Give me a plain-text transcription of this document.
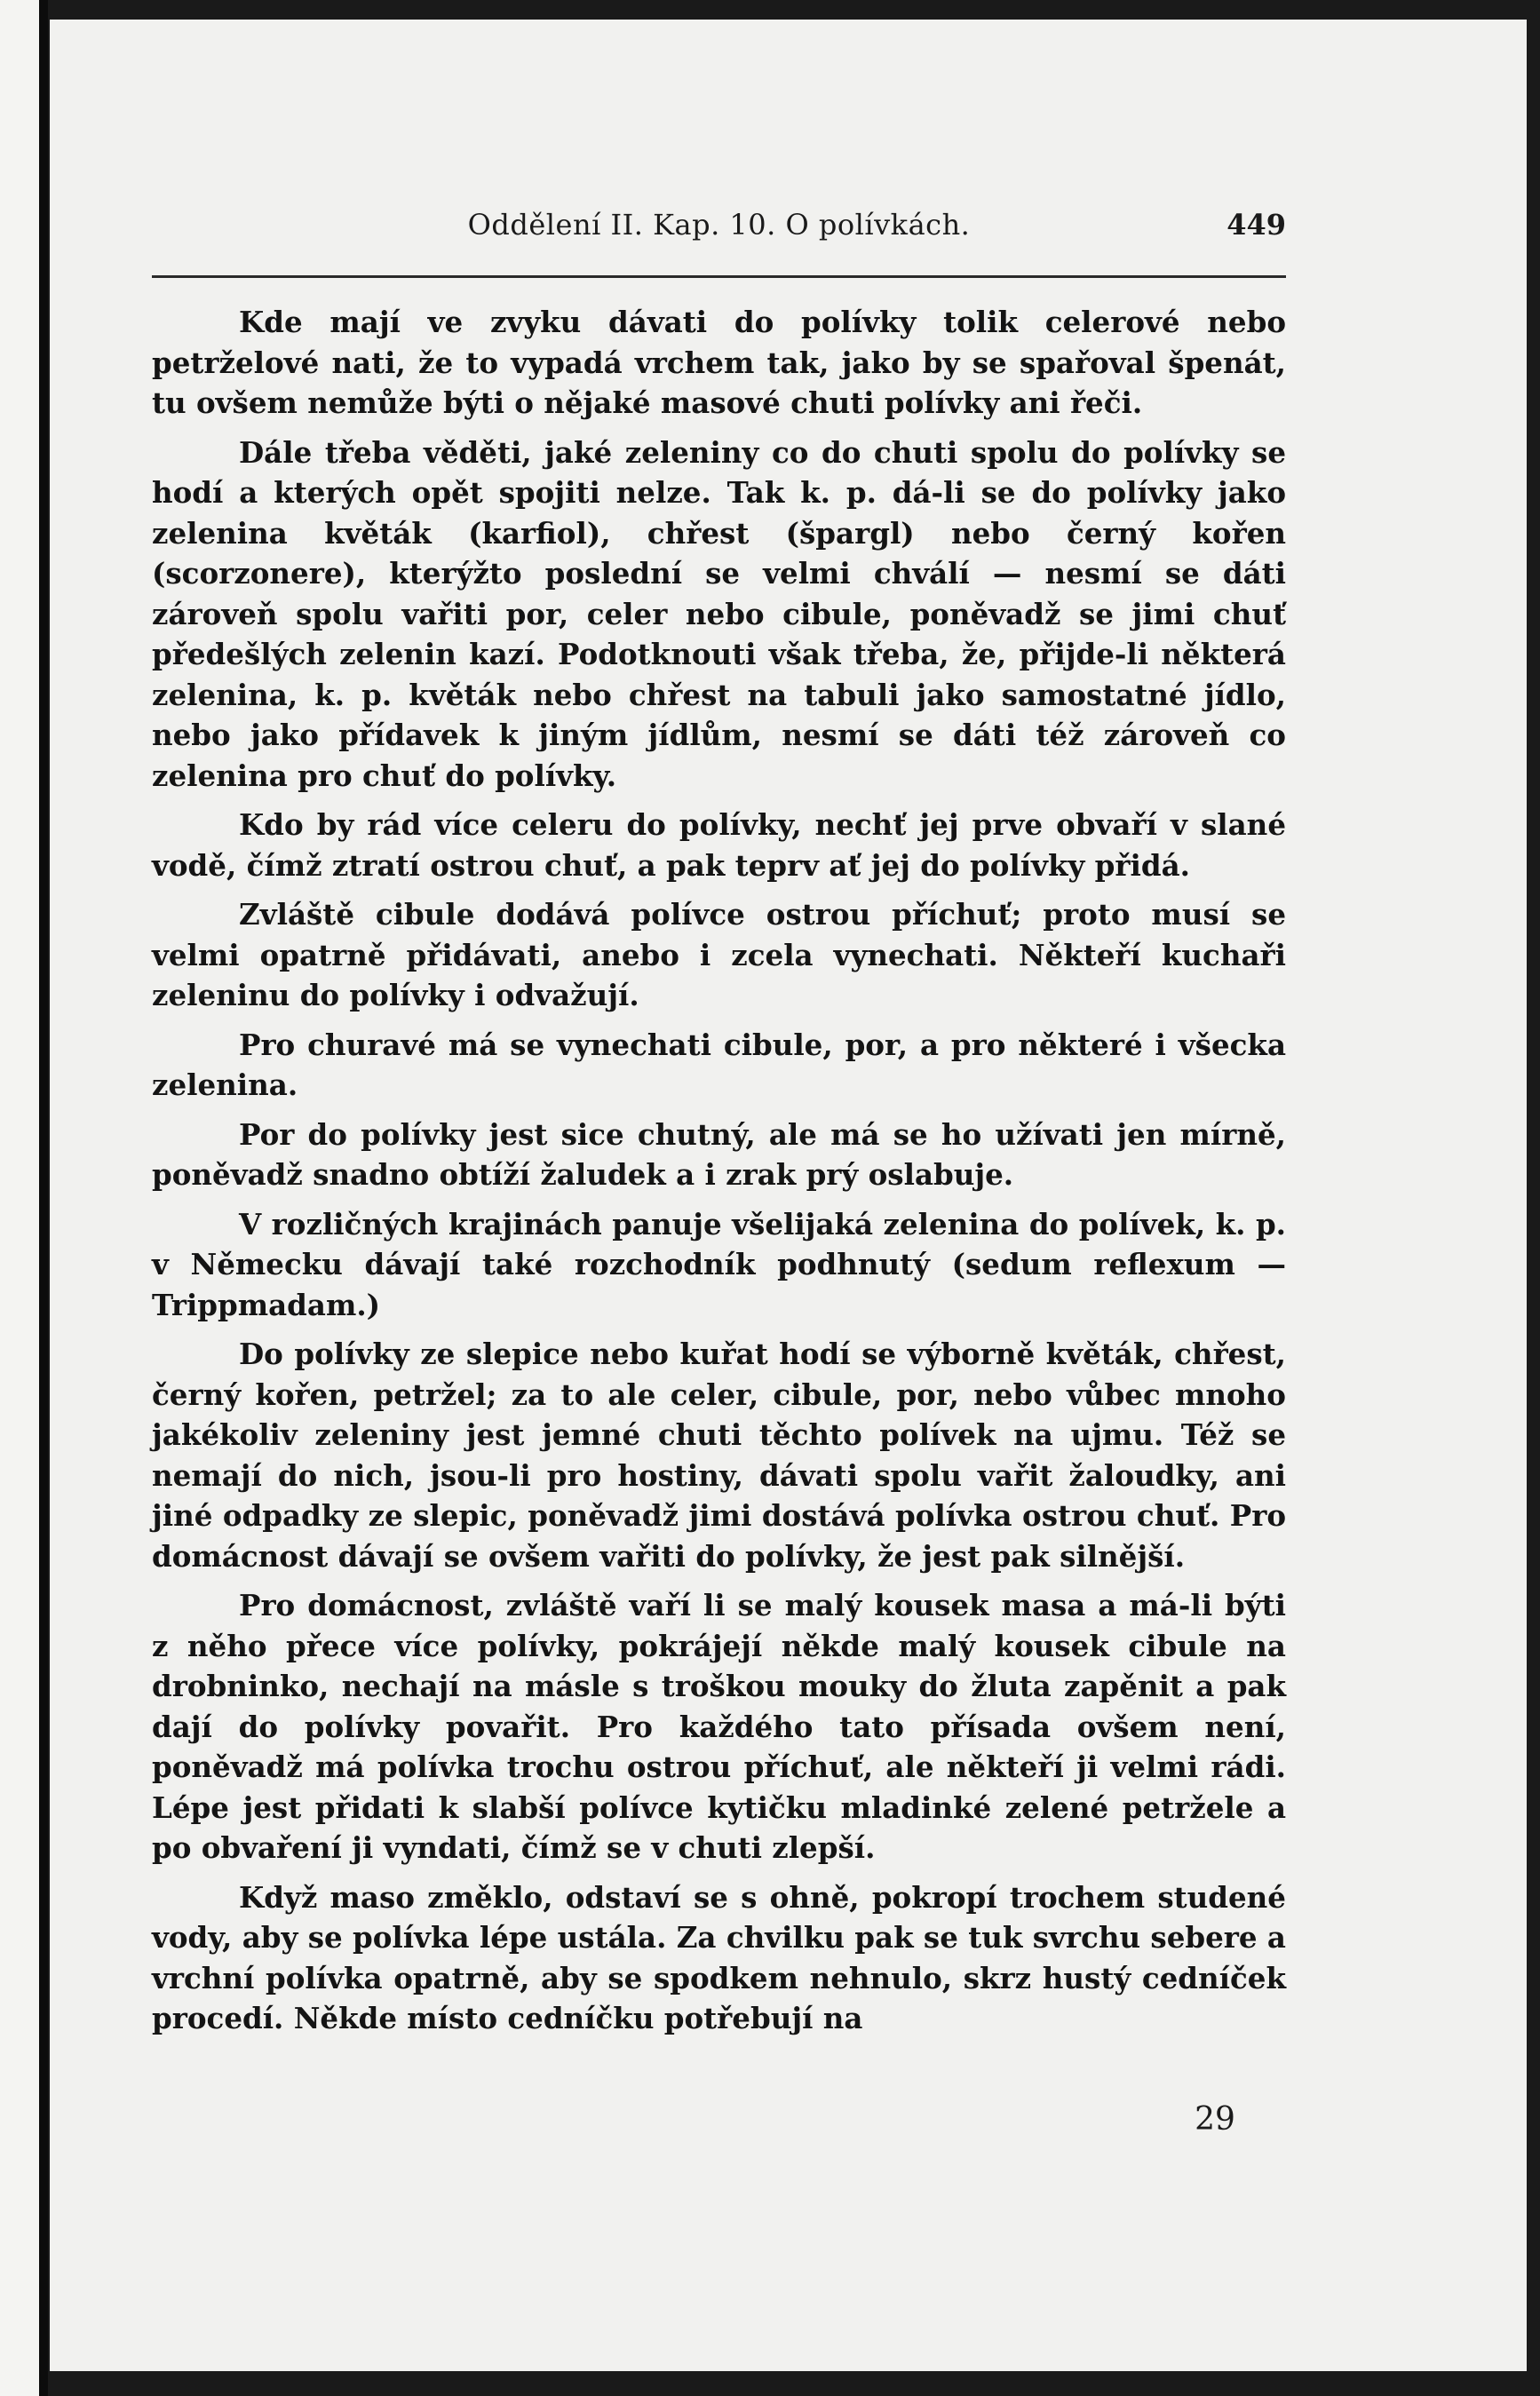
Oddělení II. Kap. 10. O polívkách.	449

Kde mají ve zvyku dávati do polívky tolik celerové nebo petrželové nati, že to vypadá vrchem tak, jako by se spařoval špenát, tu ovšem nemůže býti o nějaké masové chuti polívky ani řeči.

Dále třeba věděti, jaké zeleniny co do chuti spolu do polívky se hodí a kterých opět spojiti nelze. Tak k. p. dá-li se do polívky jako zelenina květák (karfiol), chřest (špargl) nebo černý kořen (scorzonere), kterýžto poslední se velmi chválí — nesmí se dáti zároveň spolu vařiti por, celer nebo cibule, poněvadž se jimi chuť předešlých zelenin kazí. Podotknouti však třeba, že, přijde-li některá zelenina, k. p. květák nebo chřest na tabuli jako samostatné jídlo, nebo jako přídavek k jiným jídlům, nesmí se dáti též zároveň co zelenina pro chuť do polívky.

Kdo by rád více celeru do polívky, nechť jej prve obvaří v slané vodě, čímž ztratí ostrou chuť, a pak teprv ať jej do polívky přidá.

Zvláště cibule dodává polívce ostrou příchuť; proto musí se velmi opatrně přidávati, anebo i zcela vynechati. Někteří kuchaři zeleninu do polívky i odvažují.

Pro churavé má se vynechati cibule, por, a pro některé i všecka zelenina.

Por do polívky jest sice chutný, ale má se ho užívati jen mírně, poněvadž snadno obtíží žaludek a i zrak prý oslabuje.

V rozličných krajinách panuje všelijaká zelenina do polívek, k. p. v Německu dávají také rozchodník podhnutý (sedum reflexum — Trippmadam.)

Do polívky ze slepice nebo kuřat hodí se výborně květák, chřest, černý kořen, petržel; za to ale celer, cibule, por, nebo vůbec mnoho jakékoliv zeleniny jest jemné chuti těchto polívek na ujmu. Též se nemají do nich, jsou-li pro hostiny, dávati spolu vařit žaloudky, ani jiné odpadky ze slepic, poněvadž jimi dostává polívka ostrou chuť. Pro domácnost dávají se ovšem vařiti do polívky, že jest pak silnější.

Pro domácnost, zvláště vaří li se malý kousek masa a má-li býti z něho přece více polívky, pokrájejí někde malý kousek cibule na drobninko, nechají na másle s troškou mouky do žluta zapěnit a pak dají do polívky povařit. Pro každého tato přísada ovšem není, poněvadž má polívka trochu ostrou příchuť, ale někteří ji velmi rádi. Lépe jest přidati k slabší polívce kytičku mladinké zelené petržele a po obvaření ji vyndati, čímž se v chuti zlepší.

Když maso změklo, odstaví se s ohně, pokropí trochem studené vody, aby se polívka lépe ustála. Za chvilku pak se tuk svrchu sebere a vrchní polívka opatrně, aby se spodkem nehnulo, skrz hustý cedníček procedí. Někde místo cedníčku potřebují na

29
